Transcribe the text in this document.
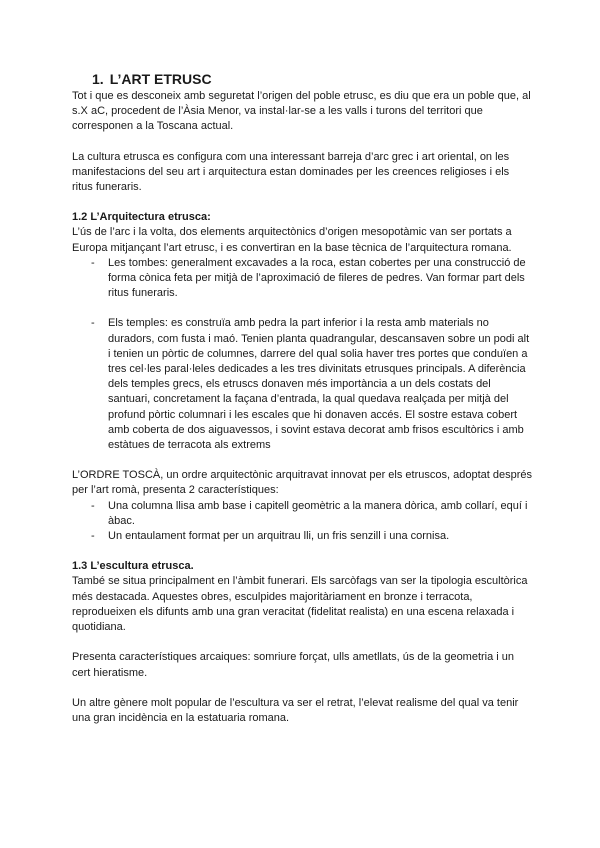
1. L’ART ETRUSC

Tot i que es desconeix amb seguretat l’origen del poble etrusc, es diu que era un poble que, al s.X aC, procedent de l’Àsia Menor, va instal·lar-se a les valls i turons del territori que corresponen a la Toscana actual.

La cultura etrusca es configura com una interessant barreja d’arc grec i art oriental, on les manifestacions del seu art i arquitectura estan dominades per les creences religioses i els ritus funeraris.

1.2 L’Arquitectura etrusca:

L’ús de l’arc i la volta, dos elements arquitectònics d’origen mesopotàmic van ser portats a Europa mitjançant l’art etrusc, i es convertiran en la base tècnica de l’arquitectura romana.

- Les tombes: generalment excavades a la roca, estan cobertes per una construcció de forma cònica feta per mitjà de l’aproximació de fileres de pedres. Van formar part dels ritus funeraris.
- Els temples: es construïa amb pedra la part inferior i la resta amb materials no duradors, com fusta i maó. Tenien planta quadrangular, descansaven sobre un podi alt i tenien un pòrtic de columnes, darrere del qual solia haver tres portes que conduïen a tres cel·les paral·leles dedicades a les tres divinitats etrusques principals. A diferència dels temples grecs, els etruscs donaven més importància a un dels costats del santuari, concretament la façana d’entrada, la qual quedava realçada per mitjà del profund pòrtic columnari i les escales que hi donaven accés. El sostre estava cobert amb coberta de dos aiguavessos, i sovint estava decorat amb frisos escultòrics i amb estàtues de terracota als extrems

L’ORDRE TOSCÀ, un ordre arquitectònic arquitravat innovat per els etruscos, adoptat després per l’art romà, presenta 2 característiques:

- Una columna llisa amb base i capitell geomètric a la manera dòrica, amb collarí, equí i àbac.
- Un entaulament format per un arquitrau lli, un fris senzill i una cornisa.
1.3 L’escultura etrusca.

També se situa principalment en l’àmbit funerari. Els sarcòfags van ser la tipologia escultòrica més destacada. Aquestes obres, esculpides majoritàriament en bronze i terracota, reprodueixen els difunts amb una gran veracitat (fidelitat realista) en una escena relaxada i quotidiana.

Presenta característiques arcaiques: somriure forçat, ulls ametllats, ús de la geometria i un cert hieratisme.

Un altre gènere molt popular de l’escultura va ser el retrat, l’elevat realisme del qual va tenir una gran incidència en la estatuaria romana.
